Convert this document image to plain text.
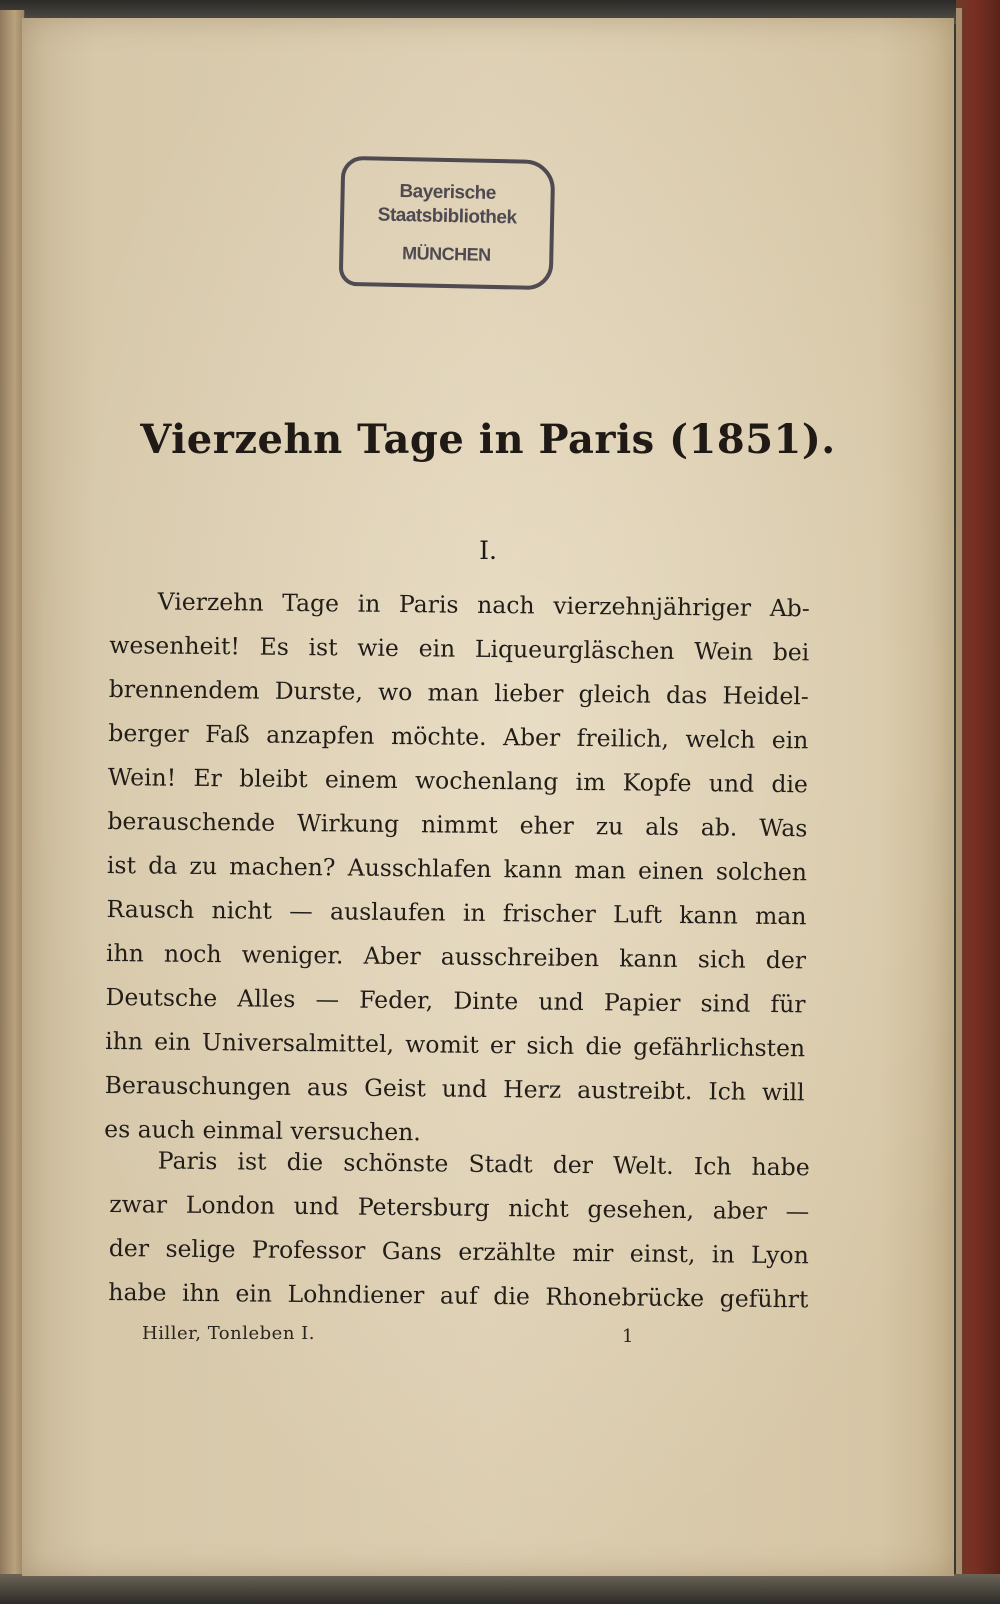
Bayerische
Staatsbibliothek
MÜNCHEN
Vierzehn Tage in Paris (1851).
I.

Vierzehn Tage in Paris nach vierzehnjähriger Ab-
wesenheit! Es ist wie ein Liqueurgläschen Wein bei
brennendem Durste, wo man lieber gleich das Heidel-
berger Faß anzapfen möchte. Aber freilich, welch ein
Wein! Er bleibt einem wochenlang im Kopfe und die
berauschende Wirkung nimmt eher zu als ab. Was
ist da zu machen? Ausschlafen kann man einen solchen
Rausch nicht — auslaufen in frischer Luft kann man
ihn noch weniger. Aber ausschreiben kann sich der
Deutsche Alles — Feder, Dinte und Papier sind für
ihn ein Universalmittel, womit er sich die gefährlichsten
Berauschungen aus Geist und Herz austreibt. Ich will
es auch einmal versuchen.

Paris ist die schönste Stadt der Welt. Ich habe
zwar London und Petersburg nicht gesehen, aber —
der selige Professor Gans erzählte mir einst, in Lyon
habe ihn ein Lohndiener auf die Rhonebrücke geführt

Hiller, Tonleben I.	1
